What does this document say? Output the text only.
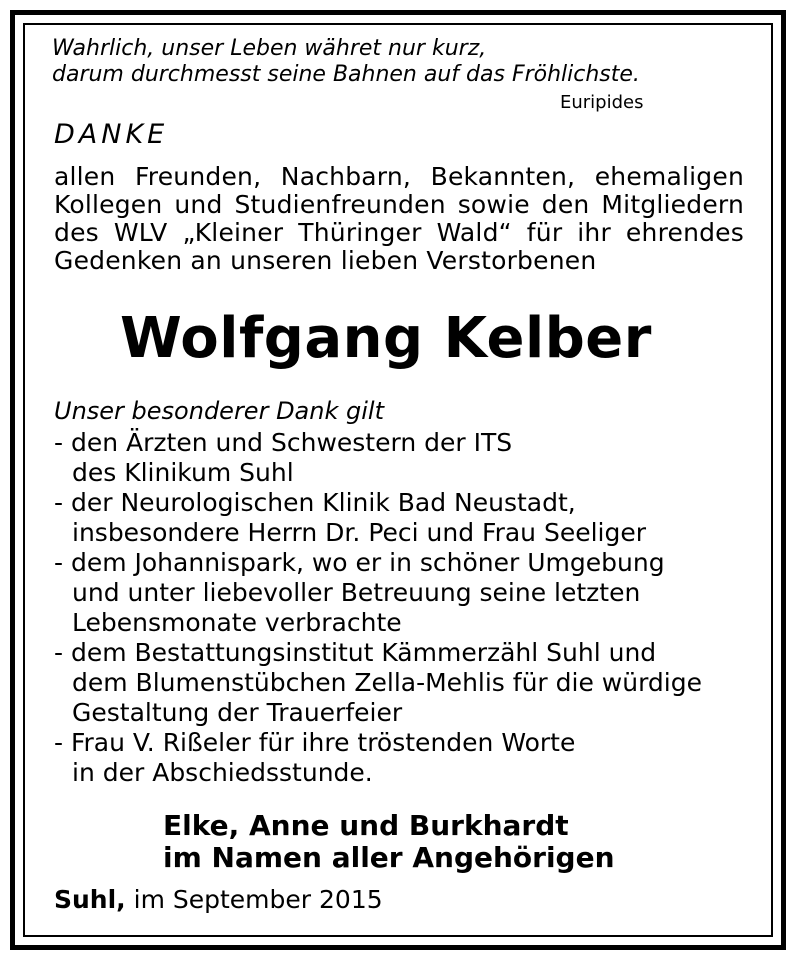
Wahrlich, unser Leben währet nur kurz,
darum durchmesst seine Bahnen auf das Fröhlichste.
Euripides
DANKE
allen Freunden, Nachbarn, Bekannten, ehemaligen
Kollegen und Studienfreunden sowie den Mitgliedern
des WLV „Kleiner Thüringer Wald“ für ihr ehrendes
Gedenken an unseren lieben Verstorbenen
Wolfgang Kelber
Unser besonderer Dank gilt
- den Ärzten und Schwestern der ITS
des Klinikum Suhl
- der Neurologischen Klinik Bad Neustadt,
insbesondere Herrn Dr. Peci und Frau Seeliger
- dem Johannispark, wo er in schöner Umgebung
und unter liebevoller Betreuung seine letzten
Lebensmonate verbrachte
- dem Bestattungsinstitut Kämmerzähl Suhl und
dem Blumenstübchen Zella-Mehlis für die würdige
Gestaltung der Trauerfeier
- Frau V. Rißeler für ihre tröstenden Worte
in der Abschiedsstunde.
Elke, Anne und Burkhardt
im Namen aller Angehörigen
Suhl, im September 2015
